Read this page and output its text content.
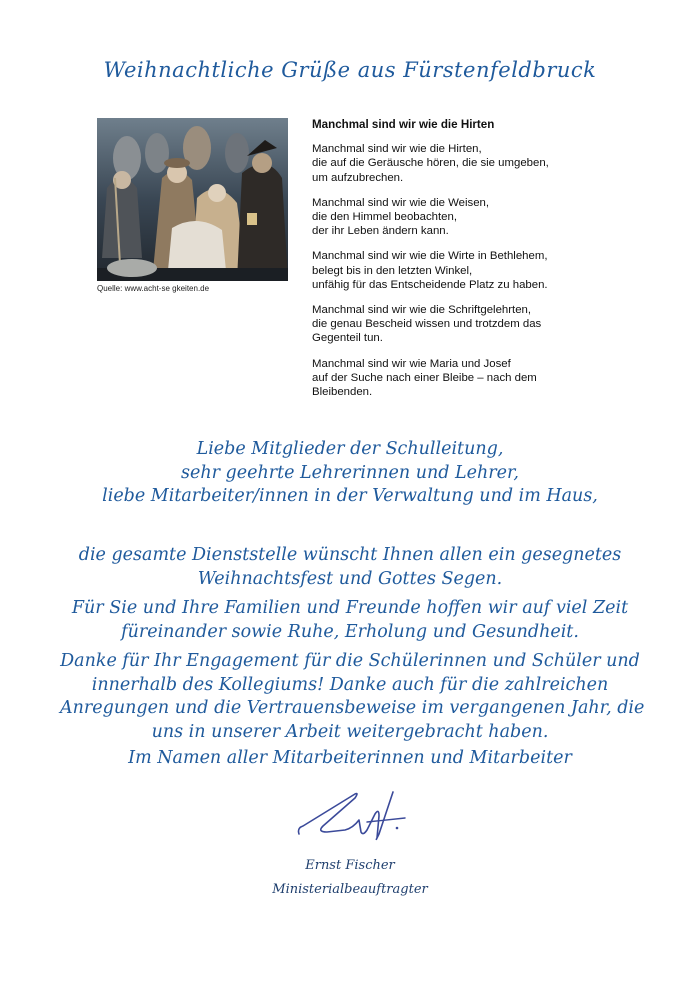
Weihnachtliche Grüße aus Fürstenfeldbruck
Quelle: www.acht-se gkeiten.de
Manchmal sind wir wie die Hirten
Manchmal sind wir wie die Hirten,
die auf die Geräusche hören, die sie umgeben,
um aufzubrechen.
Manchmal sind wir wie die Weisen,
die den Himmel beobachten,
der ihr Leben ändern kann.
Manchmal sind wir wie die Wirte in Bethlehem,
belegt bis in den letzten Winkel,
unfähig für das Entscheidende Platz zu haben.
Manchmal sind wir wie die Schriftgelehrten,
die genau Bescheid wissen und trotzdem das
Gegenteil tun.
Manchmal sind wir wie Maria und Josef
auf der Suche nach einer Bleibe – nach dem
Bleibenden.
Liebe Mitglieder der Schulleitung,
sehr geehrte Lehrerinnen und Lehrer,
liebe Mitarbeiter/innen in der Verwaltung und im Haus,
die gesamte Dienststelle wünscht Ihnen allen ein gesegnetes
Weihnachtsfest und Gottes Segen.
Für Sie und Ihre Familien und Freunde hoffen wir auf viel Zeit
füreinander sowie Ruhe, Erholung und Gesundheit.
Danke für Ihr Engagement für die Schülerinnen und Schüler und
innerhalb des Kollegiums! Danke auch für die zahlreichen
Anregungen und die Vertrauensbeweise im vergangenen Jahr, die
uns in unserer Arbeit weitergebracht haben.
Im Namen aller Mitarbeiterinnen und Mitarbeiter
Ernst Fischer
Ministerialbeauftragter
